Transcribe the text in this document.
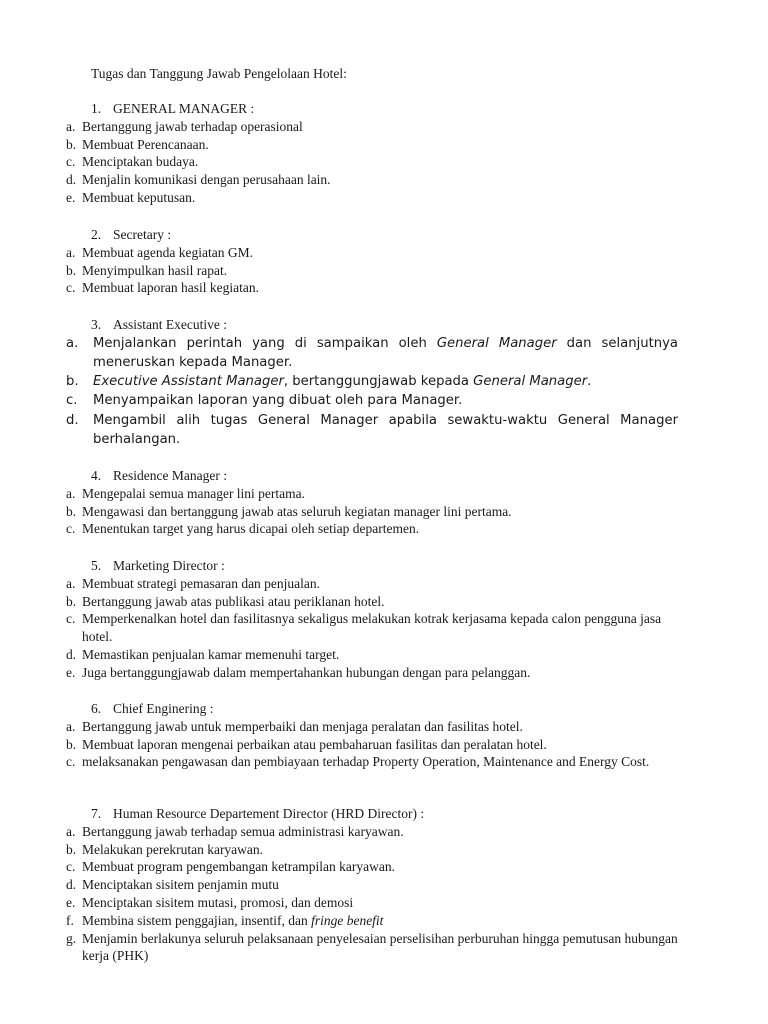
Tugas dan Tanggung Jawab Pengelolaan Hotel:
1. GENERAL MANAGER :
a. Bertanggung jawab terhadap operasional
b. Membuat Perencanaan.
c. Menciptakan budaya.
d. Menjalin komunikasi dengan perusahaan lain.
e. Membuat keputusan.
2. Secretary :
a. Membuat agenda kegiatan GM.
b. Menyimpulkan hasil rapat.
c. Membuat laporan hasil kegiatan.
3. Assistant Executive :
a.	Menjalankan perintah yang di sampaikan oleh General Manager dan selanjutnya meneruskan kepada Manager.
b.	Executive Assistant Manager, bertanggungjawab kepada General Manager.
c.	Menyampaikan laporan yang dibuat oleh para Manager.
d.	Mengambil alih tugas General Manager apabila sewaktu-waktu General Manager berhalangan.
4. Residence Manager :
a. Mengepalai semua manager lini pertama.
b. Mengawasi dan bertanggung jawab atas seluruh kegiatan manager lini pertama.
c. Menentukan target yang harus dicapai oleh setiap departemen.
5. Marketing Director :
a. Membuat strategi pemasaran dan penjualan.
b. Bertanggung jawab atas publikasi atau periklanan hotel.
c. Memperkenalkan hotel dan fasilitasnya sekaligus melakukan kotrak kerjasama kepada calon pengguna jasa hotel.
d. Memastikan penjualan kamar memenuhi target.
e. Juga bertanggungjawab dalam mempertahankan hubungan dengan para pelanggan.
6. Chief Enginering :
a. Bertanggung jawab untuk memperbaiki dan menjaga peralatan dan fasilitas hotel.
b. Membuat laporan mengenai perbaikan atau pembaharuan fasilitas dan peralatan hotel.
c. melaksanakan pengawasan dan pembiayaan terhadap Property Operation, Maintenance and Energy Cost.
7. Human Resource Departement Director (HRD Director) :
a. Bertanggung jawab terhadap semua administrasi karyawan.
b. Melakukan perekrutan karyawan.
c. Membuat program pengembangan ketrampilan karyawan.
d. Menciptakan sisitem penjamin mutu
e. Menciptakan sisitem mutasi, promosi, dan demosi
f. Membina sistem penggajian, insentif, dan fringe benefit
g. Menjamin berlakunya seluruh pelaksanaan penyelesaian perselisihan perburuhan hingga pemutusan hubungan kerja (PHK)
